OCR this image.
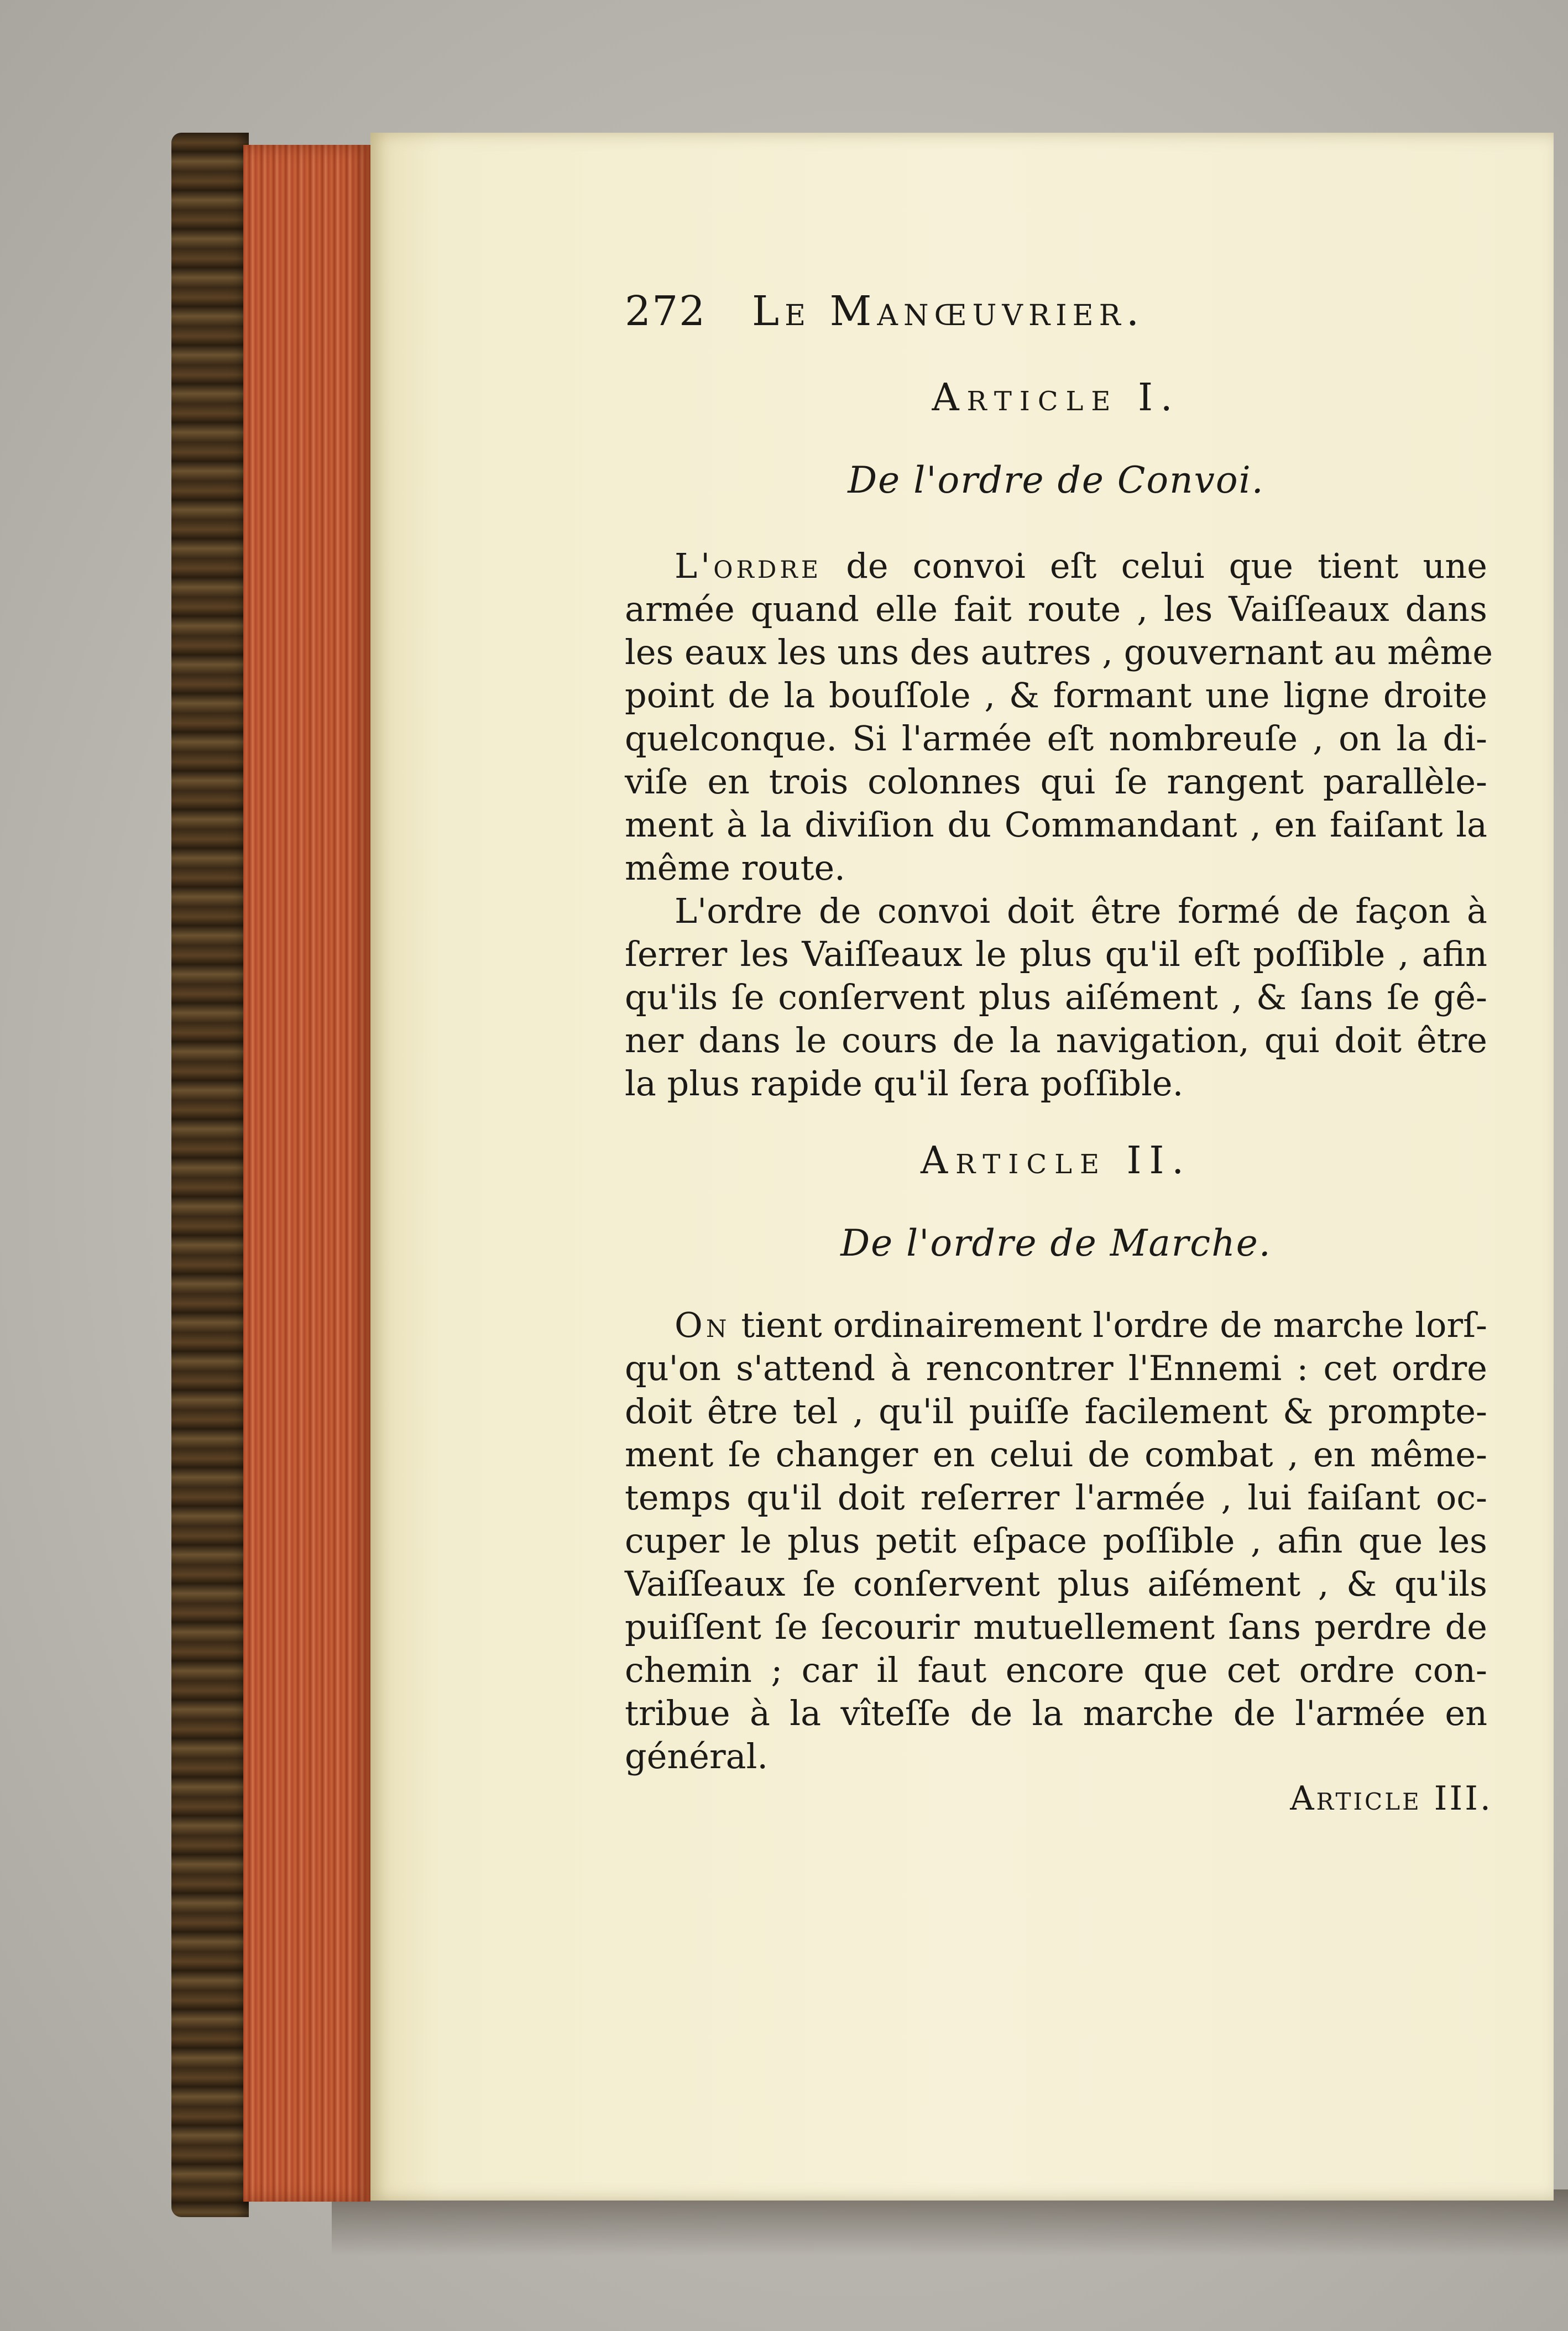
272 Le Manœuvrier.
Article I.
De l'ordre de Convoi.
L'ordre de convoi eſt celui que tient une
armée quand elle fait route , les Vaiſſeaux dans
les eaux les uns des autres , gouvernant au même
point de la bouſſole , & formant une ligne droite
quelconque. Si l'armée eſt nombreuſe , on la di-
viſe en trois colonnes qui ſe rangent parallèle-
ment à la diviſion du Commandant , en faiſant la
même route.
L'ordre de convoi doit être formé de façon à
ſerrer les Vaiſſeaux le plus qu'il eſt poſſible , afin
qu'ils ſe conſervent plus aiſément , & ſans ſe gê-
ner dans le cours de la navigation, qui doit être
la plus rapide qu'il ſera poſſible.
Article II.
De l'ordre de Marche.
On tient ordinairement l'ordre de marche lorſ-
qu'on s'attend à rencontrer l'Ennemi : cet ordre
doit être tel , qu'il puiſſe facilement & prompte-
ment ſe changer en celui de combat , en même-
temps qu'il doit reſerrer l'armée , lui faiſant oc-
cuper le plus petit eſpace poſſible , afin que les
Vaiſſeaux ſe conſervent plus aiſément , & qu'ils
puiſſent ſe ſecourir mutuellement ſans perdre de
chemin ; car il faut encore que cet ordre con-
tribue à la vîteſſe de la marche de l'armée en
général.
Article III.
